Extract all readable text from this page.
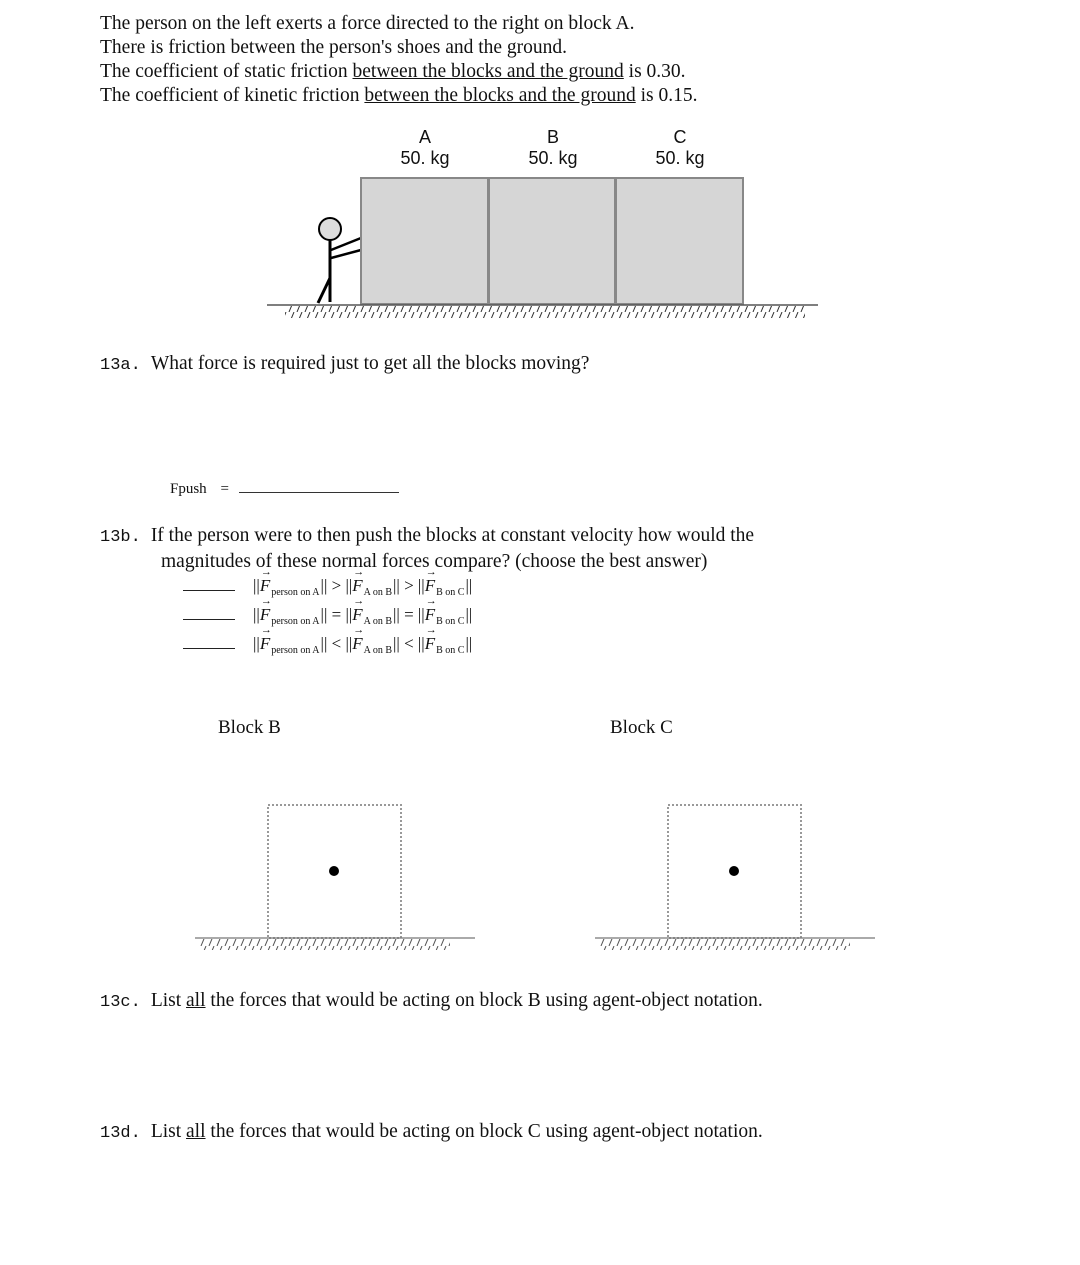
The person on the left exerts a force directed to the right on block A.
There is friction between the person's shoes and the ground.
The coefficient of static friction between the blocks and the ground is 0.30.
The coefficient of kinetic friction between the blocks and the ground is 0.15.
A
50. kg
B
50. kg
C
50. kg
13a. What force is required just to get all the blocks moving?
Fpush =
13b. If the person were to then push the blocks at constant velocity how would the
magnitudes of these normal forces compare? (choose the best answer)
||→ $F_{person on A}||$ > ||→ $F_{A on B}||$ > ||→ $F_{B on C}||$
||→ $F_{person on A}||$ = ||→ $F_{A on B}||$ = ||→ $F_{B on C}||$
||→ $F_{person on A}||$ < ||→ $F_{A on B}||$ < ||→ $F_{B on C}||$
Block B	Block C
13c. List all the forces that would be acting on block B using agent-object notation.
13d. List all the forces that would be acting on block C using agent-object notation.
